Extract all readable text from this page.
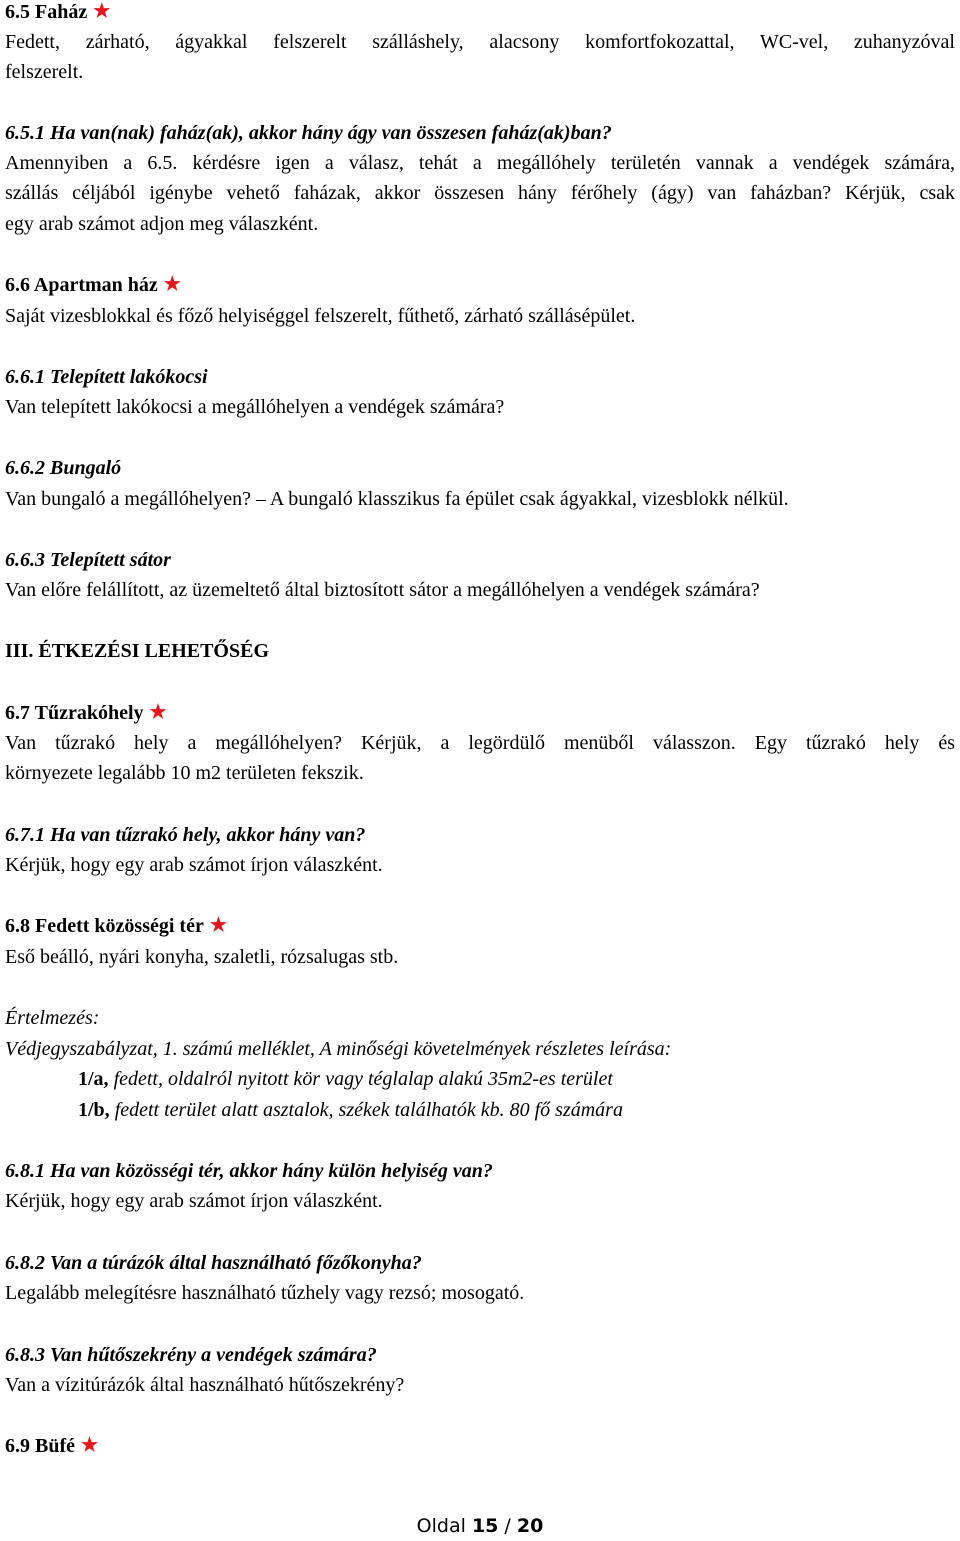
6.5 Faház ★
Fedett, zárható, ágyakkal felszerelt szálláshely, alacsony komfortfokozattal, WC-vel, zuhanyzóval
felszerelt.
6.5.1 Ha van(nak) faház(ak), akkor hány ágy van összesen faház(ak)ban?
Amennyiben a 6.5. kérdésre igen a válasz, tehát a megállóhely területén vannak a vendégek számára,
szállás céljából igénybe vehető faházak, akkor összesen hány férőhely (ágy) van faházban? Kérjük, csak
egy arab számot adjon meg válaszként.
6.6 Apartman ház ★
Saját vizesblokkal és főző helyiséggel felszerelt, fűthető, zárható szállásépület.
6.6.1 Telepített lakókocsi
Van telepített lakókocsi a megállóhelyen a vendégek számára?
6.6.2 Bungaló
Van bungaló a megállóhelyen? – A bungaló klasszikus fa épület csak ágyakkal, vizesblokk nélkül.
6.6.3 Telepített sátor
Van előre felállított, az üzemeltető által biztosított sátor a megállóhelyen a vendégek számára?
III. ÉTKEZÉSI LEHETŐSÉG
6.7 Tűzrakóhely ★
Van tűzrakó hely a megállóhelyen? Kérjük, a legördülő menüből válasszon. Egy tűzrakó hely és
környezete legalább 10 m2 területen fekszik.
6.7.1 Ha van tűzrakó hely, akkor hány van?
Kérjük, hogy egy arab számot írjon válaszként.
6.8 Fedett közösségi tér ★
Eső beálló, nyári konyha, szaletli, rózsalugas stb.
Értelmezés:
Védjegyszabályzat, 1. számú melléklet, A minőségi követelmények részletes leírása:
1/a, fedett, oldalról nyitott kör vagy téglalap alakú 35m2-es terület
1/b, fedett terület alatt asztalok, székek találhatók kb. 80 fő számára
6.8.1 Ha van közösségi tér, akkor hány külön helyiség van?
Kérjük, hogy egy arab számot írjon válaszként.
6.8.2 Van a túrázók által használható főzőkonyha?
Legalább melegítésre használható tűzhely vagy rezsó; mosogató.
6.8.3 Van hűtőszekrény a vendégek számára?
Van a vízitúrázók által használható hűtőszekrény?
6.9 Büfé ★
Oldal 15 / 20
